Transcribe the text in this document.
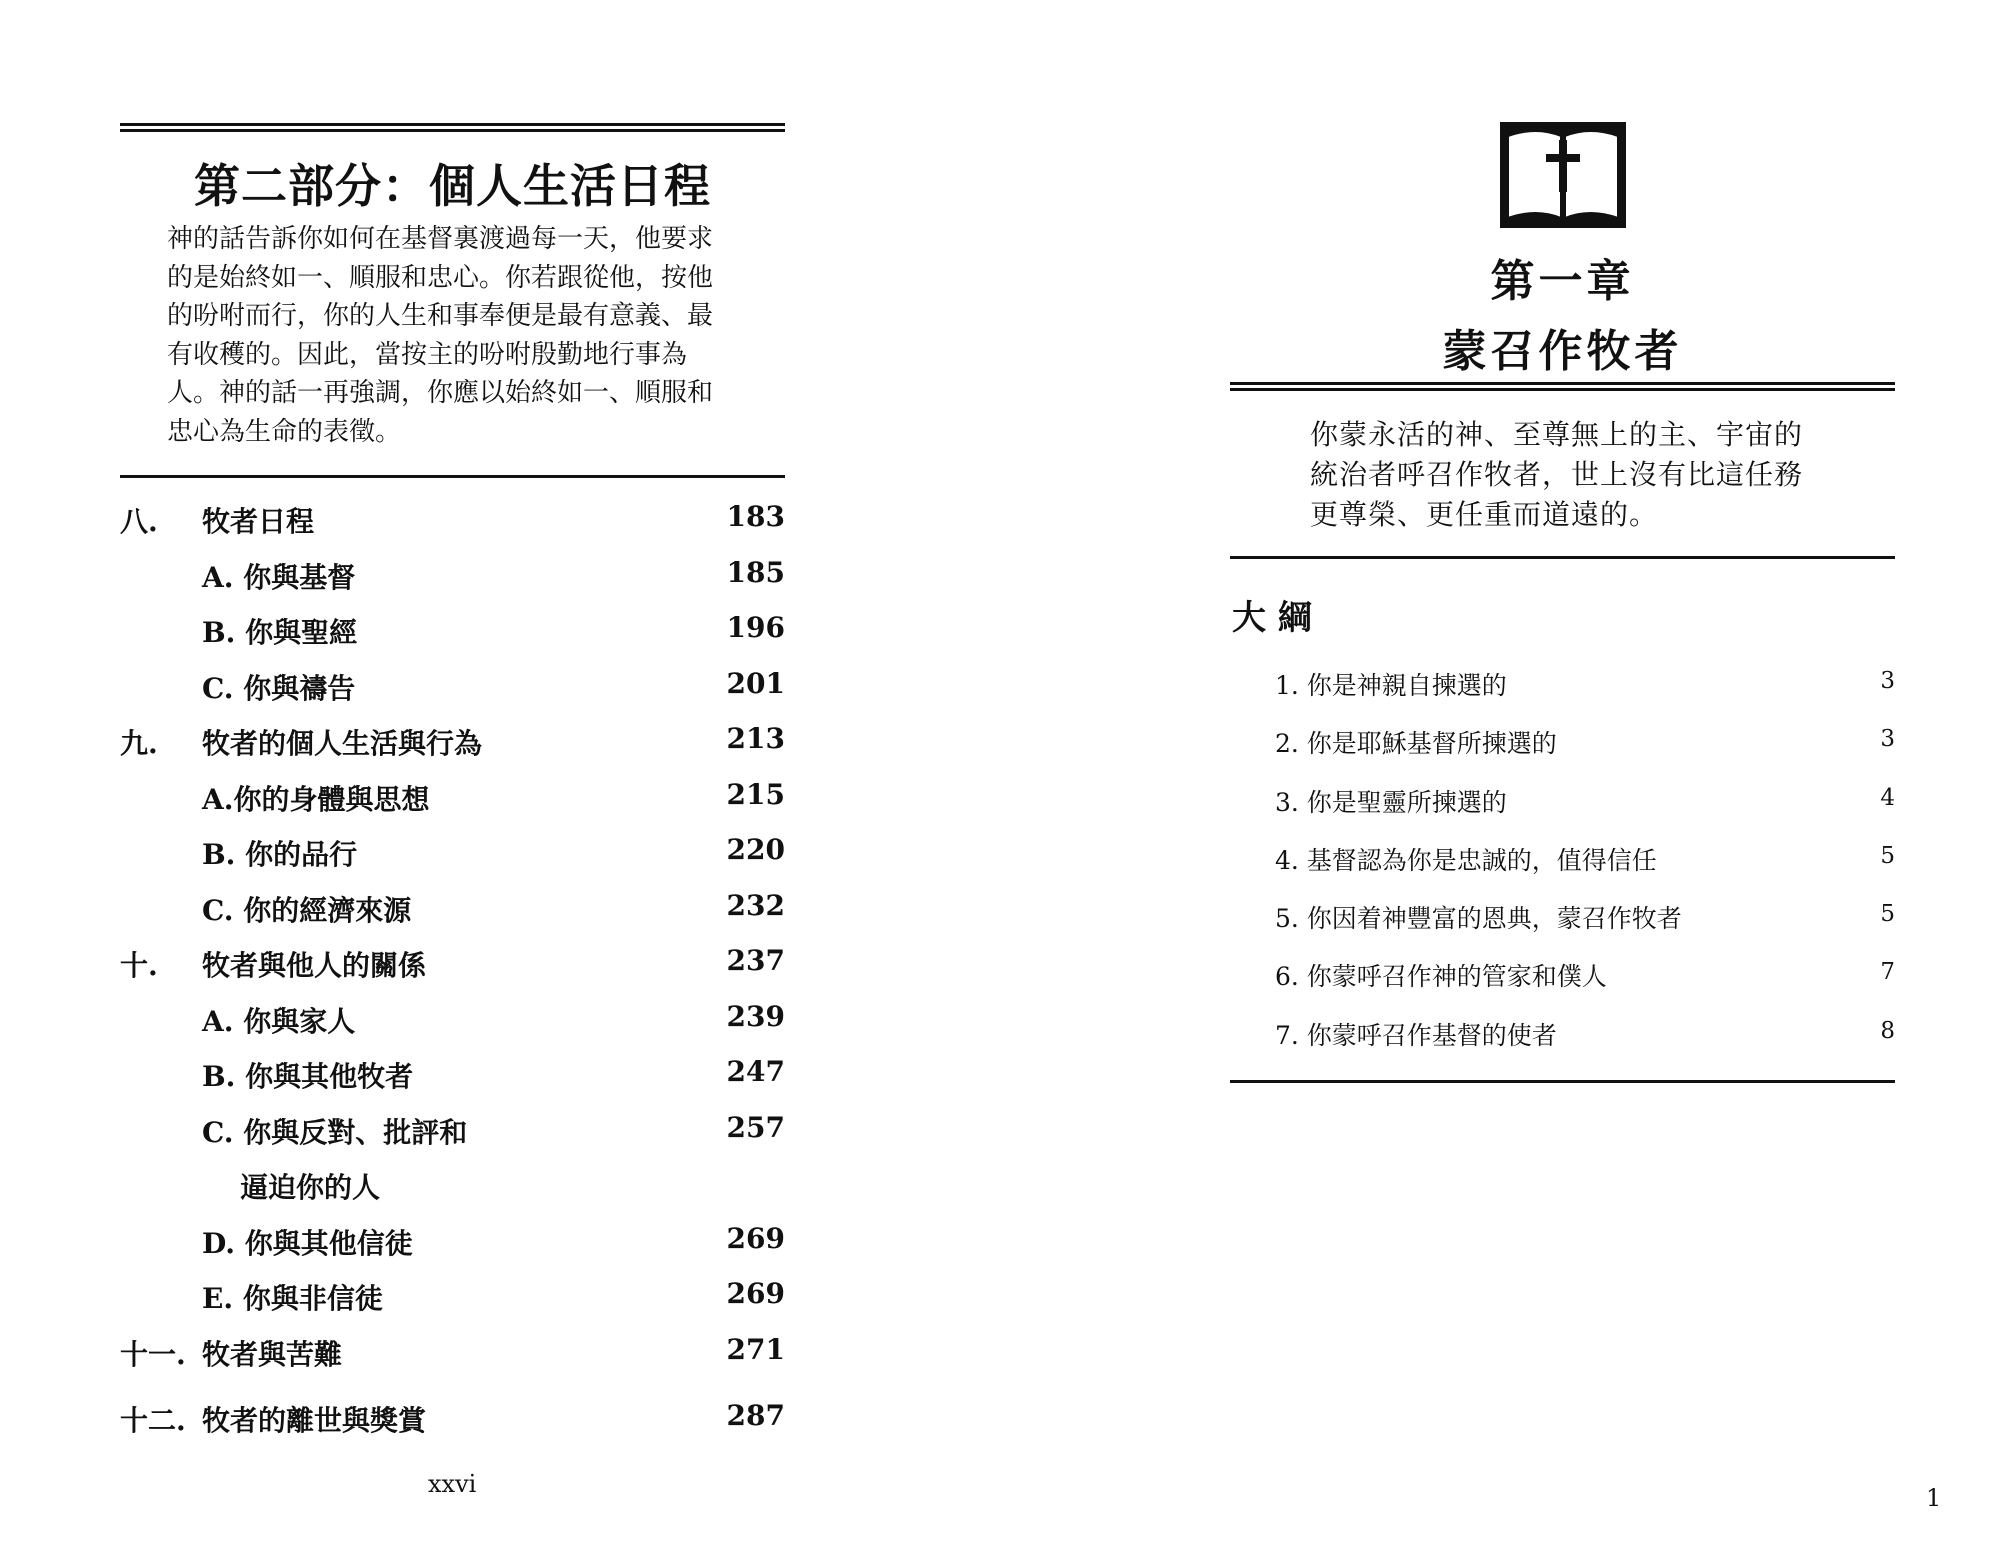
第二部分：個人生活日程

神的話告訴你如何在基督裏渡過每一天，他要求
的是始終如一、順服和忠心。你若跟從他，按他
的吩咐而行，你的人生和事奉便是最有意義、最
有收穫的。因此，當按主的吩咐殷勤地行事為
人。神的話一再強調，你應以始終如一、順服和
忠心為生命的表徵。

八. 牧者日程	183
A. 你與基督	185
B. 你與聖經	196
C. 你與禱告	201
九. 牧者的個人生活與行為	213
A.你的身體與思想	215
B. 你的品行	220
C. 你的經濟來源	232
十. 牧者與他人的關係	237
A. 你與家人	239
B. 你與其他牧者	247
C. 你與反對、批評和	257
逼迫你的人
D. 你與其他信徒	269
E. 你與非信徒	269
十一. 牧者與苦難	271
十二. 牧者的離世與獎賞	287
xxvi
第一章
蒙召作牧者

你蒙永活的神、至尊無上的主、宇宙的
統治者呼召作牧者，世上沒有比這任務
更尊榮、更任重而道遠的。

大 綱
1. 你是神親自揀選的	3
2. 你是耶穌基督所揀選的	3
3. 你是聖靈所揀選的	4
4. 基督認為你是忠誠的，值得信任	5
5. 你因着神豐富的恩典，蒙召作牧者	5
6. 你蒙呼召作神的管家和僕人	7
7. 你蒙呼召作基督的使者	8
1
